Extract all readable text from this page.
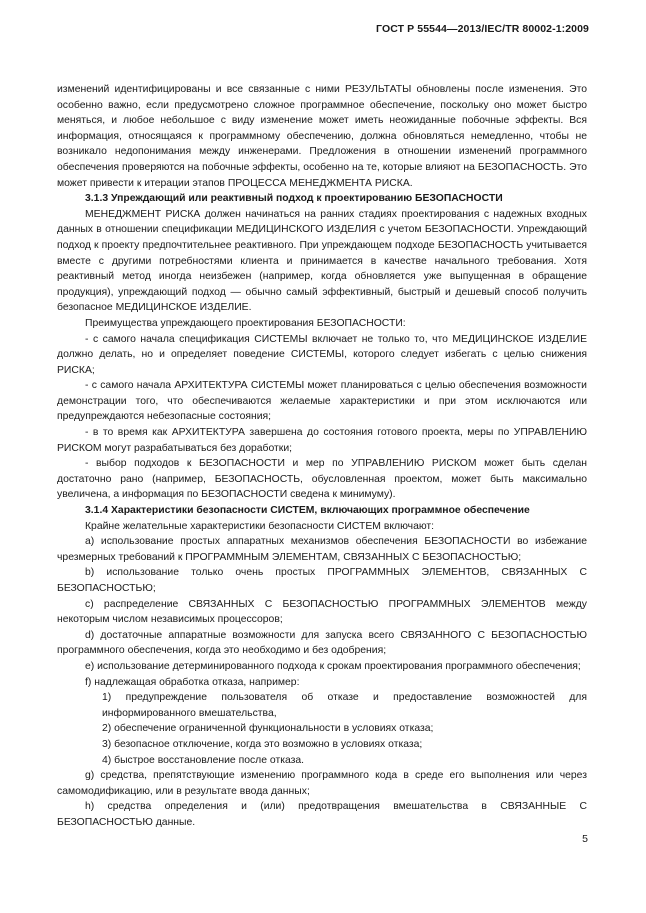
ГОСТ Р 55544—2013/IEC/TR 80002-1:2009

изменений идентифицированы и все связанные с ними РЕЗУЛЬТАТЫ обновлены после изменения. Это особенно важно, если предусмотрено сложное программное обеспечение, поскольку оно может быстро меняться, и любое небольшое с виду изменение может иметь неожиданные побочные эффекты. Вся информация, относящаяся к программному обеспечению, должна обновляться немедленно, чтобы не возникало недопонимания между инженерами. Предложения в отношении изменений программного обеспечения проверяются на побочные эффекты, особенно на те, которые влияют на БЕЗОПАСНОСТЬ. Это может привести к итерации этапов ПРОЦЕССА МЕНЕДЖМЕНТА РИСКА.

3.1.3 Упреждающий или реактивный подход к проектированию БЕЗОПАСНОСТИ

МЕНЕДЖМЕНТ РИСКА должен начинаться на ранних стадиях проектирования с надежных входных данных в отношении спецификации МЕДИЦИНСКОГО ИЗДЕЛИЯ с учетом БЕЗОПАСНОСТИ. Упреждающий подход к проекту предпочтительнее реактивного. При упреждающем подходе БЕЗОПАСНОСТЬ учитывается вместе с другими потребностями клиента и принимается в качестве начального требования. Хотя реактивный метод иногда неизбежен (например, когда обновляется уже выпущенная в обращение продукция), упреждающий подход — обычно самый эффективный, быстрый и дешевый способ получить безопасное МЕДИЦИНСКОЕ ИЗДЕЛИЕ.

Преимущества упреждающего проектирования БЕЗОПАСНОСТИ:

- с самого начала спецификация СИСТЕМЫ включает не только то, что МЕДИЦИНСКОЕ ИЗДЕЛИЕ должно делать, но и определяет поведение СИСТЕМЫ, которого следует избегать с целью снижения РИСКА;

- с самого начала АРХИТЕКТУРА СИСТЕМЫ может планироваться с целью обеспечения возможности демонстрации того, что обеспечиваются желаемые характеристики и при этом исключаются или предупреждаются небезопасные состояния;

- в то время как АРХИТЕКТУРА завершена до состояния готового проекта, меры по УПРАВЛЕНИЮ РИСКОМ могут разрабатываться без доработки;

- выбор подходов к БЕЗОПАСНОСТИ и мер по УПРАВЛЕНИЮ РИСКОМ может быть сделан достаточно рано (например, БЕЗОПАСНОСТЬ, обусловленная проектом, может быть максимально увеличена, а информация по БЕЗОПАСНОСТИ сведена к минимуму).

3.1.4 Характеристики безопасности СИСТЕМ, включающих программное обеспечение

Крайне желательные характеристики безопасности СИСТЕМ включают:

a) использование простых аппаратных механизмов обеспечения БЕЗОПАСНОСТИ во избежание чрезмерных требований к ПРОГРАММНЫМ ЭЛЕМЕНТАМ, СВЯЗАННЫХ С БЕЗОПАСНОСТЬЮ;

b) использование только очень простых ПРОГРАММНЫХ ЭЛЕМЕНТОВ, СВЯЗАННЫХ С БЕЗОПАСНОСТЬЮ;

c) распределение СВЯЗАННЫХ С БЕЗОПАСНОСТЬЮ ПРОГРАММНЫХ ЭЛЕМЕНТОВ между некоторым числом независимых процессоров;

d) достаточные аппаратные возможности для запуска всего СВЯЗАННОГО С БЕЗОПАСНОСТЬЮ программного обеспечения, когда это необходимо и без одобрения;

e) использование детерминированного подхода к срокам проектирования программного обеспечения;

f) надлежащая обработка отказа, например:

1) предупреждение пользователя об отказе и предоставление возможностей для информированного вмешательства,

2) обеспечение ограниченной функциональности в условиях отказа;

3) безопасное отключение, когда это возможно в условиях отказа;

4) быстрое восстановление после отказа.

g) средства, препятствующие изменению программного кода в среде его выполнения или через самомодификацию, или в результате ввода данных;

h) средства определения и (или) предотвращения вмешательства в СВЯЗАННЫЕ С БЕЗОПАСНОСТЬЮ данные.

5
